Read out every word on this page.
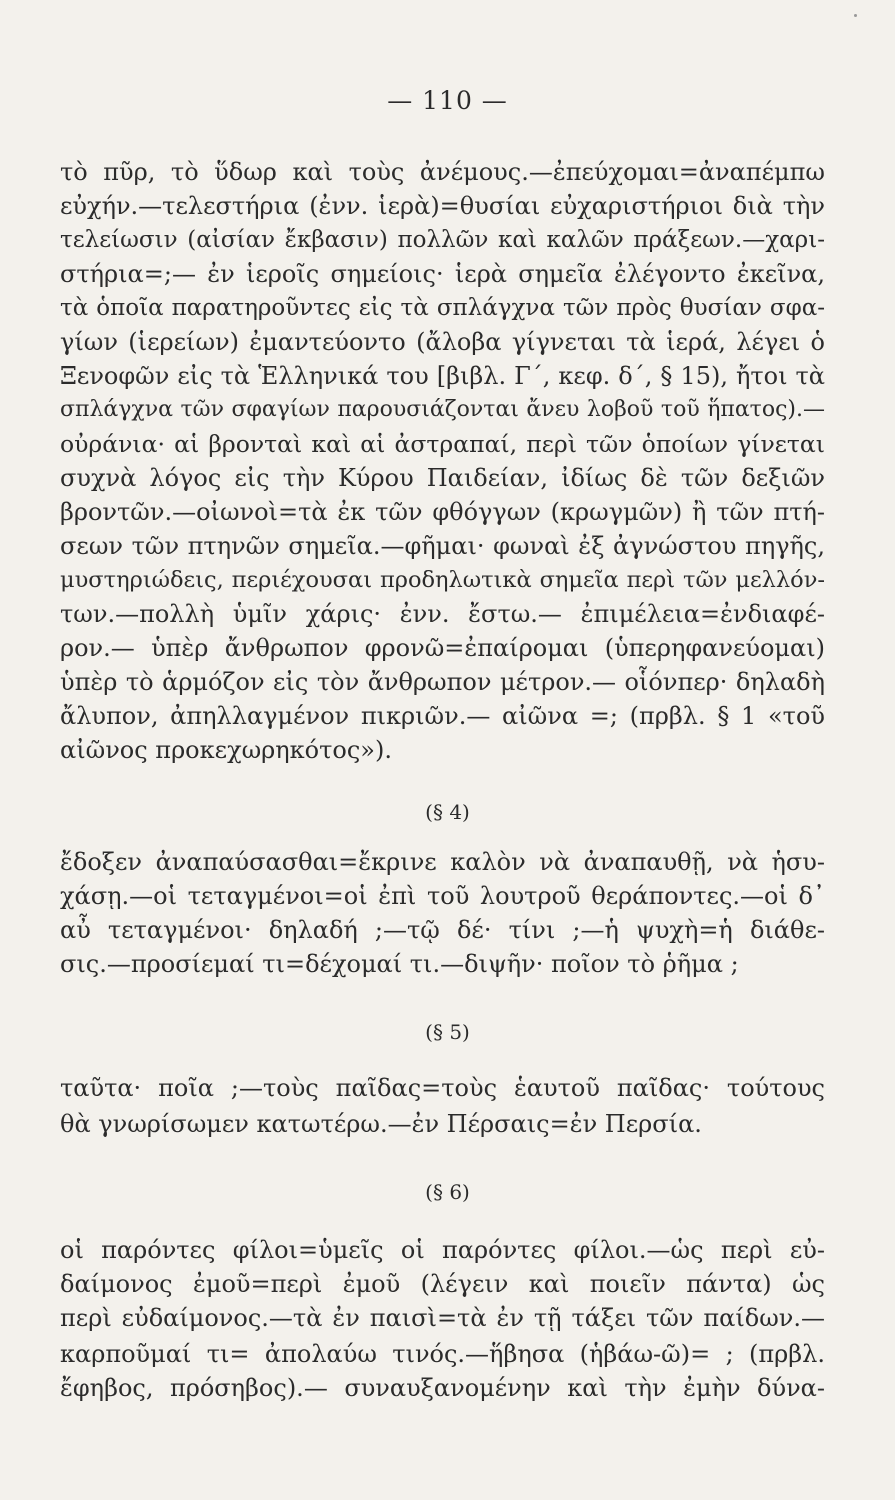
— 110 —
τὸ πῦρ, τὸ ὕδωρ καὶ τοὺς ἀνέμους.—ἐπεύχομαι=ἀναπέμπω
εὐχήν.—τελεστήρια (ἐνν. ἱερὰ)=θυσίαι εὐχαριστήριοι διὰ τὴν
τελείωσιν (αἰσίαν ἔκβασιν) πολλῶν καὶ καλῶν πράξεων.—χαρι-
στήρια=;— ἐν ἱεροῖς σημείοις· ἱερὰ σημεῖα ἐλέγοντο ἐκεῖνα,
τὰ ὁποῖα παρατηροῦντες εἰς τὰ σπλάγχνα τῶν πρὸς θυσίαν σφα-
γίων (ἱερείων) ἐμαντεύοντο (ἄλοβα γίγνεται τὰ ἱερά, λέγει ὁ
Ξενοφῶν εἰς τὰ Ἑλληνικά του [βιβλ. Γ΄, κεφ. δ΄, § 15), ἤτοι τὰ
σπλάγχνα τῶν σφαγίων παρουσιάζονται ἄνευ λοβοῦ τοῦ ἥπατος).—
οὐράνια· αἱ βρονταὶ καὶ αἱ ἀστραπαί, περὶ τῶν ὁποίων γίνεται
συχνὰ λόγος εἰς τὴν Κύρου Παιδείαν, ἰδίως δὲ τῶν δεξιῶν
βροντῶν.—οἰωνοὶ=τὰ ἐκ τῶν φθόγγων (κρωγμῶν) ἢ τῶν πτή-
σεων τῶν πτηνῶν σημεῖα.—φῆμαι· φωναὶ ἐξ ἀγνώστου πηγῆς,
μυστηριώδεις, περιέχουσαι προδηλωτικὰ σημεῖα περὶ τῶν μελλόν-
των.—πολλὴ ὑμῖν χάρις· ἐνν. ἔστω.— ἐπιμέλεια=ἐνδιαφέ-
ρον.— ὑπὲρ ἄνθρωπον φρονῶ=ἐπαίρομαι (ὑπερηφανεύομαι)
ὑπὲρ τὸ ἁρμόζον εἰς τὸν ἄνθρωπον μέτρον.— οἷόνπερ· δηλαδὴ
ἄλυπον, ἀπηλλαγμένον πικριῶν.— αἰῶνα =; (πρβλ. § 1 «τοῦ
αἰῶνος προκεχωρηκότος»).
(§ 4)
ἔδοξεν ἀναπαύσασθαι=ἔκρινε καλὸν νὰ ἀναπαυθῇ, νὰ ἡσυ-
χάσῃ.—οἱ τεταγμένοι=οἱ ἐπὶ τοῦ λουτροῦ θεράποντες.—οἱ δ᾽
αὖ τεταγμένοι· δηλαδή ;—τῷ δέ· τίνι ;—ἡ ψυχὴ=ἡ διάθε-
σις.—προσίεμαί τι=δέχομαί τι.—διψῆν· ποῖον τὸ ῥῆμα ;
(§ 5)
ταῦτα· ποῖα ;—τοὺς παῖδας=τοὺς ἑαυτοῦ παῖδας· τούτους
θὰ γνωρίσωμεν κατωτέρω.—ἐν Πέρσαις=ἐν Περσία.
(§ 6)
οἱ παρόντες φίλοι=ὑμεῖς οἱ παρόντες φίλοι.—ὡς περὶ εὐ-
δαίμονος ἐμοῦ=περὶ ἐμοῦ (λέγειν καὶ ποιεῖν πάντα) ὡς
περὶ εὐδαίμονος.—τὰ ἐν παισὶ=τὰ ἐν τῇ τάξει τῶν παίδων.—
καρποῦμαί τι= ἀπολαύω τινός.—ἥβησα (ἡβάω-ῶ)= ; (πρβλ.
ἔφηβος, πρόσηβος).— συναυξανομένην καὶ τὴν ἐμὴν δύνα-
